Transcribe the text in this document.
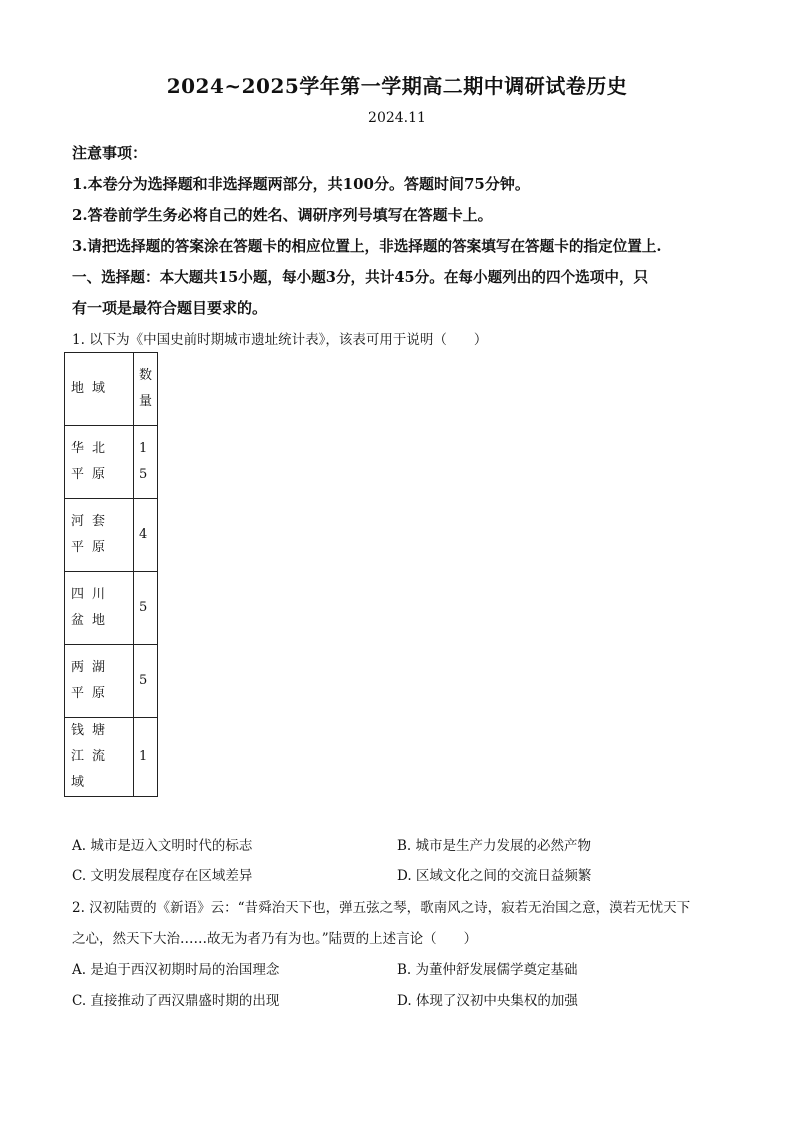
2024~2025学年第一学期高二期中调研试卷历史
2024.11
注意事项：
1.本卷分为选择题和非选择题两部分，共100分。答题时间75分钟。
2.答卷前学生务必将自己的姓名、调研序列号填写在答题卡上。
3.请把选择题的答案涂在答题卡的相应位置上，非选择题的答案填写在答题卡的指定位置上.
一、选择题：本大题共15小题，每小题3分，共计45分。在每小题列出的四个选项中，只
有一项是最符合题目要求的。
1. 以下为《中国史前时期城市遗址统计表》，该表可用于说明（　　）
地域	数量
华北平原	15
河套平原	4
四川盆地	5
两湖平原	5
钱塘江流域	1
A. 城市是迈入文明时代的标志	B. 城市是生产力发展的必然产物
C. 文明发展程度存在区域差异	D. 区域文化之间的交流日益频繁
2. 汉初陆贾的《新语》云：“昔舜治天下也，弹五弦之琴，歌南风之诗，寂若无治国之意，漠若无忧天下
之心，然天下大治……故无为者乃有为也。”陆贾的上述言论（　　）
A. 是迫于西汉初期时局的治国理念	B. 为董仲舒发展儒学奠定基础
C. 直接推动了西汉鼎盛时期的出现	D. 体现了汉初中央集权的加强
